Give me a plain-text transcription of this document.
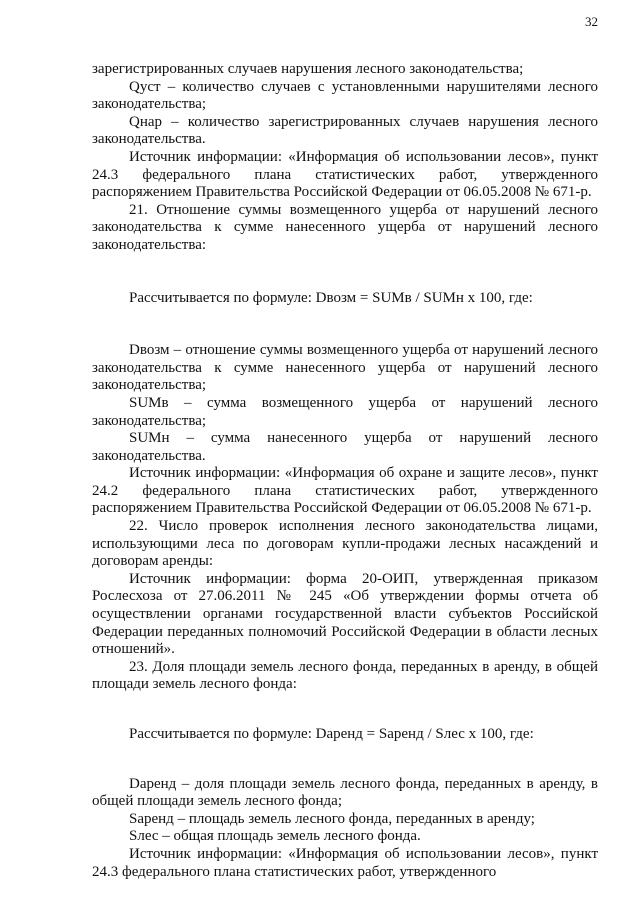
32

зарегистрированных случаев нарушения лесного законодательства;

Qуст – количество случаев с установленными нарушителями лесного законодательства;

Qнар – количество зарегистрированных случаев нарушения лесного законодательства.

Источник информации: «Информация об использовании лесов», пункт 24.3 федерального плана статистических работ, утвержденного распоряжением Правительства Российской Федерации от 06.05.2008 № 671-р.

21. Отношение суммы возмещенного ущерба от нарушений лесного законодательства к сумме нанесенного ущерба от нарушений лесного законодательства:

Рассчитывается по формуле: Dвозм = SUMв / SUMн x 100, где:

Dвозм – отношение суммы возмещенного ущерба от нарушений лесного законодательства к сумме нанесенного ущерба от нарушений лесного законодательства;

SUMв – сумма возмещенного ущерба от нарушений лесного законодательства;

SUMн – сумма нанесенного ущерба от нарушений лесного законодательства.

Источник информации: «Информация об охране и защите лесов», пункт 24.2 федерального плана статистических работ, утвержденного распоряжением Правительства Российской Федерации от 06.05.2008 № 671-р.

22. Число проверок исполнения лесного законодательства лицами, использующими леса по договорам купли-продажи лесных насаждений и договорам аренды:

Источник информации: форма 20-ОИП, утвержденная приказом Рослесхоза от 27.06.2011 № 245 «Об утверждении формы отчета об осуществлении органами государственной власти субъектов Российской Федерации переданных полномочий Российской Федерации в области лесных отношений».

23. Доля площади земель лесного фонда, переданных в аренду, в общей площади земель лесного фонда:

Рассчитывается по формуле: Dаренд = Sаренд / Sлес x 100, где:

Dаренд – доля площади земель лесного фонда, переданных в аренду, в общей площади земель лесного фонда;

Sаренд – площадь земель лесного фонда, переданных в аренду;

Sлес – общая площадь земель лесного фонда.

Источник информации: «Информация об использовании лесов», пункт 24.3 федерального плана статистических работ, утвержденного
